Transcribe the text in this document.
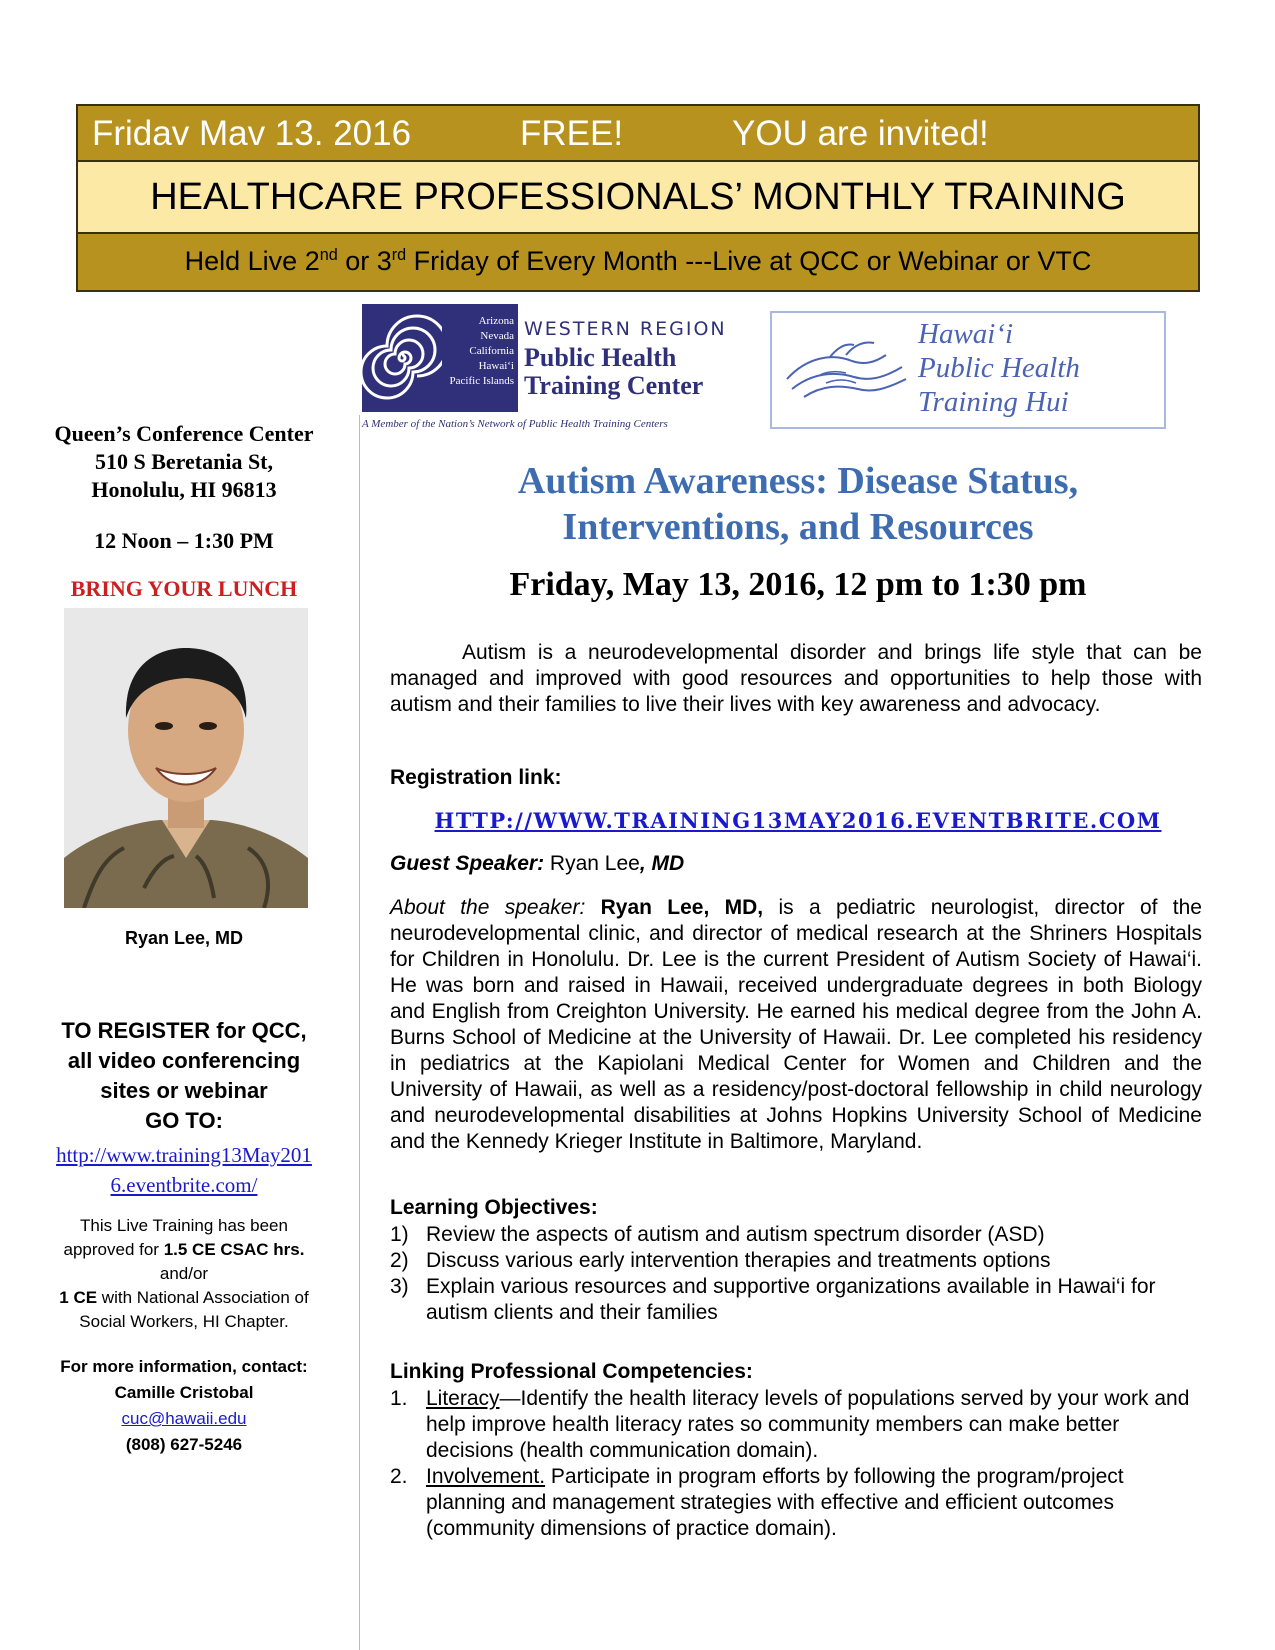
Fridav Mav 13. 2016	FREE!	YOU are invited!
HEALTHCARE PROFESSIONALS’ MONTHLY TRAINING
Held Live 2nd or 3rd Friday of Every Month ---Live at QCC or Webinar or VTC
Arizona
Nevada
California
Hawai‘i
Pacific Islands
WESTERN REGION
Public Health
Training Center
A Member of the Nation’s Network of Public Health Training Centers
Hawai‘i
Public Health
Training Hui
Queen’s Conference Center
510 S Beretania St,
Honolulu, HI 96813
12 Noon – 1:30 PM
BRING YOUR LUNCH
Ryan Lee, MD
TO REGISTER for QCC,
all video conferencing
sites or webinar
GO TO:
http://www.training13May201
6.eventbrite.com/
This Live Training has been
approved for 1.5 CE CSAC hrs.
and/or
1 CE with National Association of
Social Workers, HI Chapter.
For more information, contact:
Camille Cristobal
cuc@hawaii.edu
(808) 627-5246
Autism Awareness: Disease Status,
Interventions, and Resources
Friday, May 13, 2016, 12 pm to 1:30 pm
Autism is a neurodevelopmental disorder and brings life style that can be managed and improved with good resources and opportunities to help those with autism and their families to live their lives with key awareness and advocacy.
Registration link:
HTTP://WWW.TRAINING13MAY2016.EVENTBRITE.COM
Guest Speaker: Ryan Lee, MD
About the speaker: Ryan Lee, MD, is a pediatric neurologist, director of the neurodevelopmental clinic, and director of medical research at the Shriners Hospitals for Children in Honolulu. Dr. Lee is the current President of Autism Society of Hawai‘i. He was born and raised in Hawaii, received undergraduate degrees in both Biology and English from Creighton University. He earned his medical degree from the John A. Burns School of Medicine at the University of Hawaii. Dr. Lee completed his residency in pediatrics at the Kapiolani Medical Center for Women and Children and the University of Hawaii, as well as a residency/post-doctoral fellowship in child neurology and neurodevelopmental disabilities at Johns Hopkins University School of Medicine and the Kennedy Krieger Institute in Baltimore, Maryland.
Learning Objectives:
1) Review the aspects of autism and autism spectrum disorder (ASD)
2) Discuss various early intervention therapies and treatments options
3) Explain various resources and supportive organizations available in Hawai‘i for autism clients and their families
Linking Professional Competencies:
1. Literacy—Identify the health literacy levels of populations served by your work and help improve health literacy rates so community members can make better decisions (health communication domain).
2. Involvement. Participate in program efforts by following the program/project planning and management strategies with effective and efficient outcomes (community dimensions of practice domain).
